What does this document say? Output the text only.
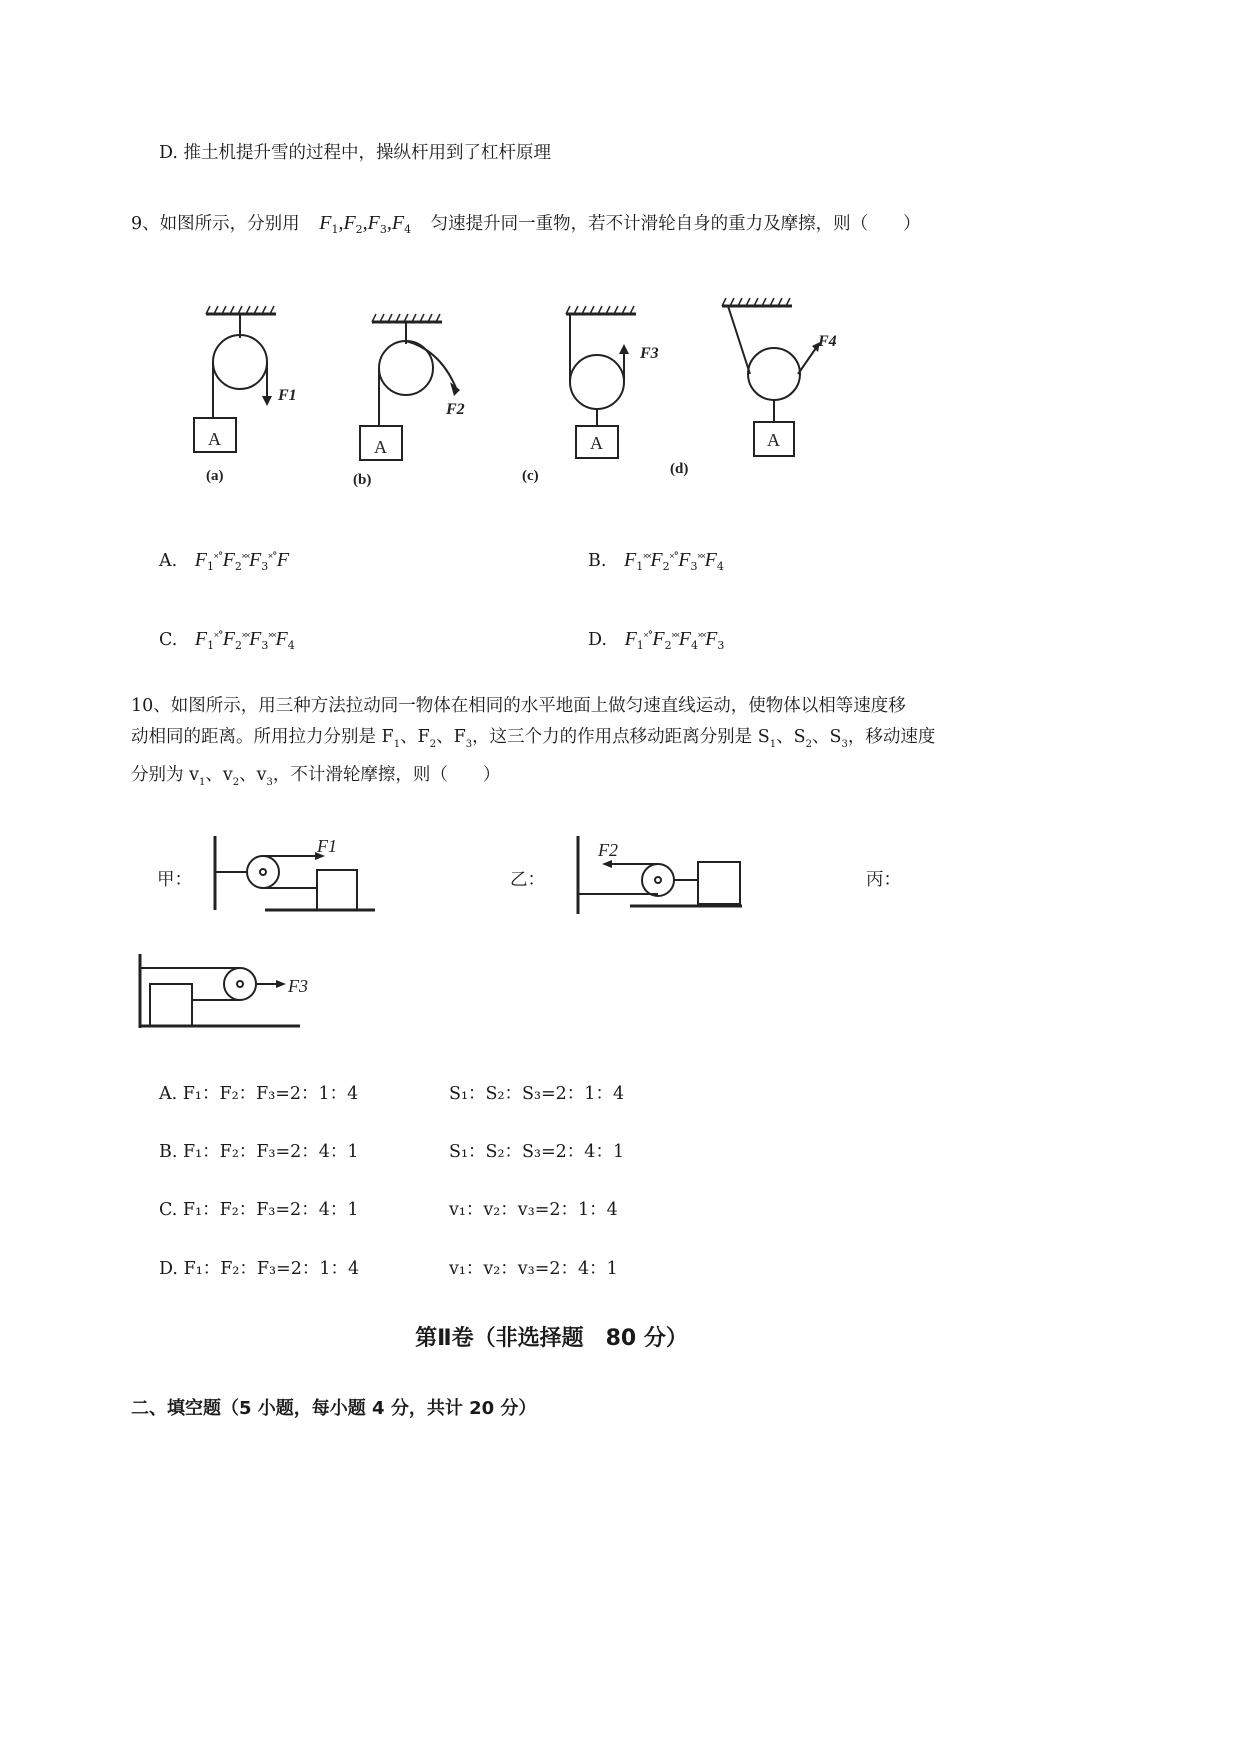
D. 推土机提升雪的过程中，操纵杆用到了杠杆原理
9、如图所示，分别用 $F_1,F_2,F_3,F_4$ 匀速提升同一重物，若不计滑轮自身的重力及摩擦，则（　　）
A	A	A	A
F1
F2
F3
F4
(a)	(b)	(c)	(d)
A. $F_1^{˟˚}F_2^{˟˟}F_3^{˟˚}F$	B. $F_1^{˟˟}F_2^{˟˚}F_3^{˟˟}F_4$
C. $F_1^{˟˚}F_2^{˟˟}F_3^{˟˟}F_4$	D. $F_1^{˟˚}F_2^{˟˟}F_4^{˟˟}F_3$
10、如图所示，用三种方法拉动同一物体在相同的水平地面上做匀速直线运动，使物体以相等速度移
动相同的距离。所用拉力分别是 $F_1$、$F_2$、$F_3$，这三个力的作用点移动距离分别是 $S_1$、$S_2$、$S_3$，移动速度
分别为 $v_1$、$v_2$、$v_3$，不计滑轮摩擦，则（　　）
甲：	乙：	丙：
F1	F2
F3
A. F₁：F₂：F₃=2：1：4	S₁：S₂：S₃=2：1：4
B. F₁：F₂：F₃=2：4：1	S₁：S₂：S₃=2：4：1
C. F₁：F₂：F₃=2：4：1	v₁：v₂：v₃=2：1：4
D. F₁：F₂：F₃=2：1：4	v₁：v₂：v₃=2：4：1
第Ⅱ卷（非选择题　80 分）
二、填空题（5 小题，每小题 4 分，共计 20 分）
